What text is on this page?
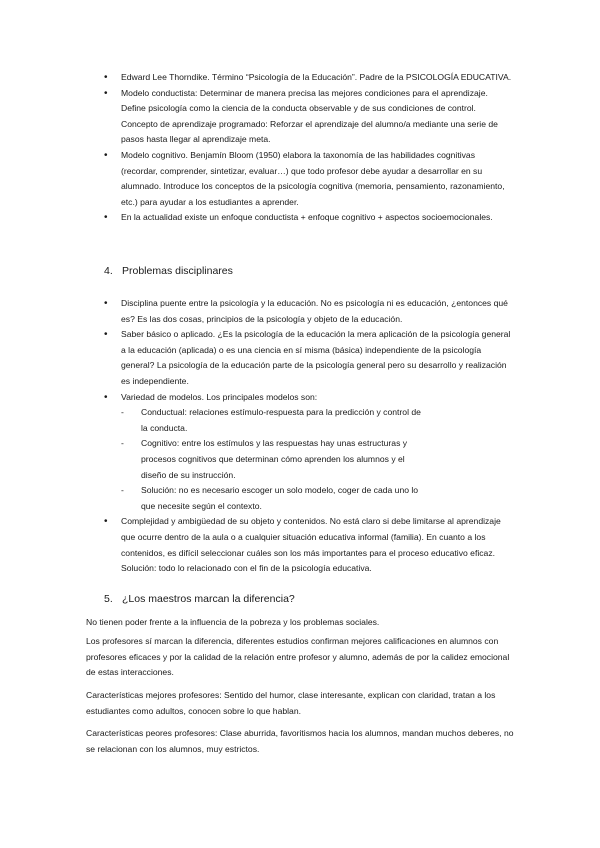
• Edward Lee Thorndike. Término “Psicología de la Educación”. Padre de la PSICOLOGÍA EDUCATIVA.
• Modelo conductista: Determinar de manera precisa las mejores condiciones para el aprendizaje. Define psicología como la ciencia de la conducta observable y de sus condiciones de control. Concepto de aprendizaje programado: Reforzar el aprendizaje del alumno/a mediante una serie de pasos hasta llegar al aprendizaje meta.
• Modelo cognitivo. Benjamín Bloom (1950) elabora la taxonomía de las habilidades cognitivas (recordar, comprender, sintetizar, evaluar…) que todo profesor debe ayudar a desarrollar en su alumnado. Introduce los conceptos de la psicología cognitiva (memoria, pensamiento, razonamiento, etc.) para ayudar a los estudiantes a aprender.
• En la actualidad existe un enfoque conductista + enfoque cognitivo + aspectos socioemocionales.
4. Problemas disciplinares
• Disciplina puente entre la psicología y la educación. No es psicología ni es educación, ¿entonces qué es? Es las dos cosas, principios de la psicología y objeto de la educación.
• Saber básico o aplicado. ¿Es la psicología de la educación la mera aplicación de la psicología general a la educación (aplicada) o es una ciencia en sí misma (básica) independiente de la psicología general? La psicología de la educación parte de la psicología general pero su desarrollo y realización es independiente.
• Variedad de modelos. Los principales modelos son:
- Conductual: relaciones estímulo-respuesta para la predicción y control de la conducta.
- Cognitivo: entre los estímulos y las respuestas hay unas estructuras y procesos cognitivos que determinan cómo aprenden los alumnos y el diseño de su instrucción.
- Solución: no es necesario escoger un solo modelo, coger de cada uno lo que necesite según el contexto.
• Complejidad y ambigüedad de su objeto y contenidos. No está claro si debe limitarse al aprendizaje que ocurre dentro de la aula o a cualquier situación educativa informal (familia). En cuanto a los contenidos, es difícil seleccionar cuáles son los más importantes para el proceso educativo eficaz. Solución: todo lo relacionado con el fin de la psicología educativa.
5. ¿Los maestros marcan la diferencia?

No tienen poder frente a la influencia de la pobreza y los problemas sociales.

Los profesores sí marcan la diferencia, diferentes estudios confirman mejores calificaciones en alumnos con profesores eficaces y por la calidad de la relación entre profesor y alumno, además de por la calidez emocional de estas interacciones.

Características mejores profesores: Sentido del humor, clase interesante, explican con claridad, tratan a los estudiantes como adultos, conocen sobre lo que hablan.

Características peores profesores: Clase aburrida, favoritismos hacia los alumnos, mandan muchos deberes, no se relacionan con los alumnos, muy estrictos.
